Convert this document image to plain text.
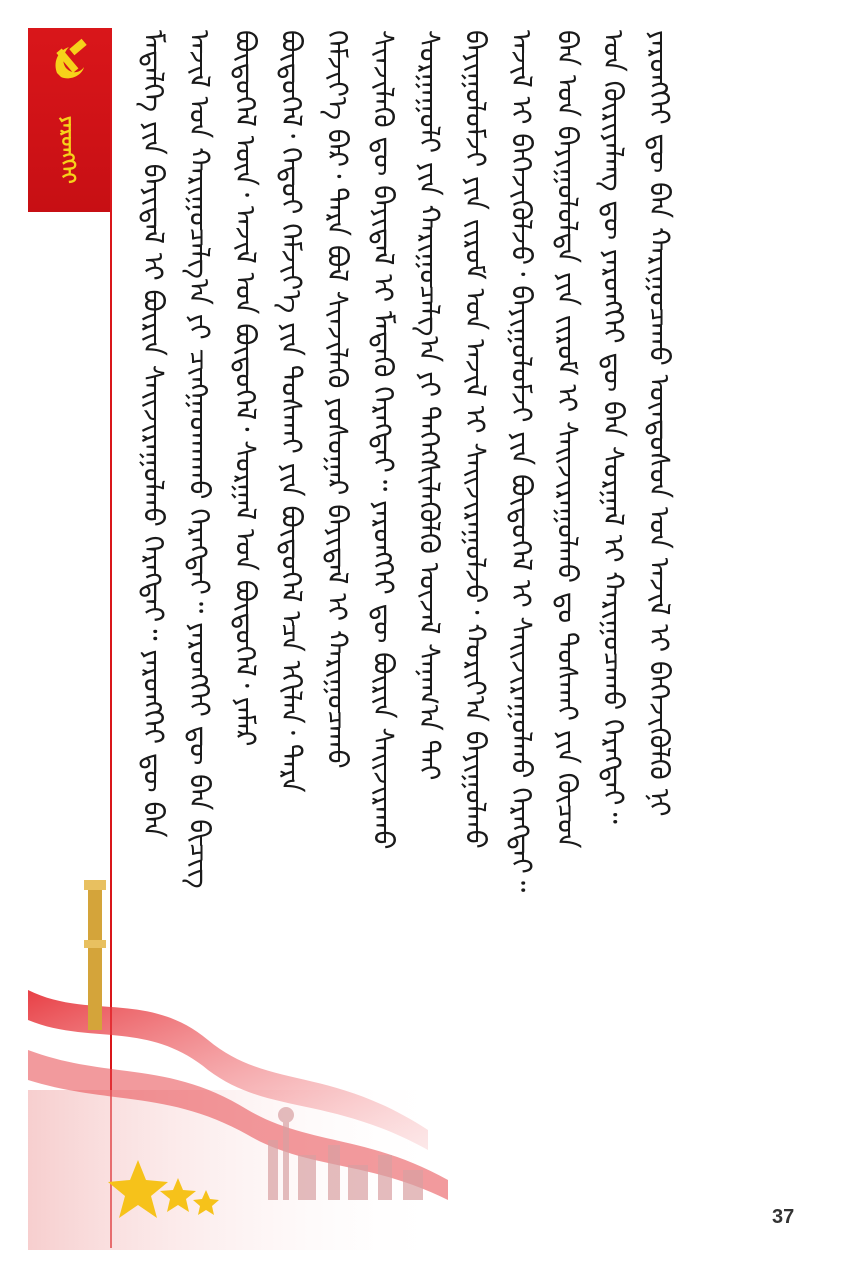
ᠶᠡᠷᠦᠩᠬᠡᠢ	ᠮᠡᠳᠡᠯᠭᠡ ᠶᠢᠨ ᠪᠠᠶᠢᠳᠠᠯ ᠢ ᠪᠦᠷᠢᠨ ᠰᠠᠢᠵᠢᠷᠠᠭᠤᠯᠬᠤ ᠬᠡᠷᠡᠭᠲᠡᠢ᠃ ᠶᠡᠷᠦᠩᠬᠡᠢ ᠳᠦ ᠪᠠᠨ ᠠᠵᠢᠯ ᠤᠨ ᠬᠠᠷᠢᠭᠤᠴᠠᠯᠭ᠎ᠠ ᠶᠢ ᠴᠢᠩᠭᠠᠳᠬᠠᠬᠤ ᠬᠡᠷᠡᠭᠲᠡᠢ᠃ ᠶᠡᠷᠦᠩᠬᠡᠢ ᠳᠦ ᠪᠠᠨ ᠪᠢᠴᠢᠭ ᠪᠦᠲᠦᠭᠡᠯ ᠦᠨ᠂ ᠠᠵᠢᠯ ᠤᠨ ᠪᠦᠲᠦᠭᠡᠯ᠂ ᠰᠤᠷᠭᠠᠯ ᠤᠨ ᠪᠦᠲᠦᠭᠡᠯ᠂ ᠶᠠᠮᠠᠷ ᠪᠦᠲᠦᠭᠡᠯ᠂ ᠬᠡᠳᠦᠢ ᠬᠡᠮᠵᠢᠶ᠎ᠡ ᠶᠢᠨ ᠲᠤᠰᠬᠠᠢ ᠶᠢᠨ ᠪᠦᠲᠦᠭᠡᠯ ᠡᠴᠡ ᠡᠬᠢᠯᠡᠨ᠂ ᠲᠡᠷᠡ ᠬᠡᠮᠵᠢᠶ᠎ᠡ ᠪᠡᠷ᠂ ᠲᠡᠷᠡ ᠪᠤᠯ ᠰᠢᠨᠵᠢᠯᠡᠬᠦ ᠶᠤᠰᠤᠭᠠᠷ ᠪᠠᠶᠢᠳᠠᠯ ᠢ ᠬᠠᠷᠢᠭᠤᠴᠠᠬᠤ ᠰᠢᠨᠵᠢᠯᠡᠬᠦ ᠳᠦ ᠪᠠᠶᠢᠳᠠᠯ ᠢ ᠮᠡᠳᠡᠬᠦ ᠬᠡᠷᠡᠭᠲᠡᠢ᠃ ᠶᠡᠷᠦᠩᠬᠡᠢ ᠳᠦ ᠪᠦᠷᠢᠨ ᠰᠠᠢᠵᠢᠷᠠᠬᠤ ᠰᠤᠷᠭᠠᠭᠤᠯᠢ ᠶᠢᠨ ᠬᠠᠷᠢᠭᠤᠴᠠᠯᠭ᠎ᠠ ᠶᠢ ᠳᠡᠭᠡᠭᠰᠢᠯᠡᠭᠦᠯᠬᠦ ᠦᠵᠡᠯ ᠰᠠᠨᠠᠭ᠎ᠠ ᠲᠠᠢ ᠪᠠᠶᠢᠭᠤᠯᠤᠮᠵᠢ ᠶᠢᠨ ᠵᠢᠷᠤᠮ ᠤᠨ ᠠᠵᠢᠯ ᠢ ᠰᠠᠢᠵᠢᠷᠠᠭᠤᠯᠵᠤ᠂ ᠬᠤᠷᠢᠶ᠎ᠠ ᠪᠠᠶᠢᠭᠤᠯᠬᠤ ᠠᠵᠢᠯ ᠢ ᠪᠡᠬᠡᠵᠢᠭᠦᠯᠵᠦ᠂ ᠪᠠᠶᠢᠭᠤᠯᠤᠮᠵᠢ ᠶᠢᠨ ᠪᠦᠲᠦᠭᠡᠯ ᠢ ᠰᠠᠢᠵᠢᠷᠠᠭᠤᠯᠬᠤ ᠬᠡᠷᠡᠭᠲᠡᠢ᠃ ᠪᠠᠨ ᠤᠨ ᠪᠠᠶᠢᠭᠤᠯᠤᠯᠲᠠ ᠶᠢᠨ ᠵᠢᠷᠤᠮ ᠢ ᠰᠠᠢᠵᠢᠷᠠᠭᠤᠯᠬᠤ ᠳᠤ ᠲᠤᠰᠬᠠᠢ ᠶᠢᠨ ᠬᠦᠴᠦᠨ ᠤᠨ ᠬᠦᠷᠢᠶᠡᠯᠡᠩ ᠳᠦ ᠶᠡᠷᠦᠩᠬᠡᠢ ᠳᠦ ᠪᠠᠨ ᠰᠤᠷᠭᠠᠯ ᠢ ᠬᠠᠷᠢᠭᠤᠴᠠᠬᠤ ᠬᠡᠷᠡᠭᠲᠡᠢ᠃ ᠶᠡᠷᠦᠩᠬᠡᠢ ᠳᠦ ᠪᠠᠨ ᠬᠠᠷᠢᠭᠤᠴᠠᠬᠤ ᠦᠨᠳᠦᠰᠦᠨ ᠤᠨ ᠠᠵᠢᠯ ᠢ ᠪᠡᠬᠡᠵᠢᠭᠦᠯᠬᠦ ᠨᠢ
37
